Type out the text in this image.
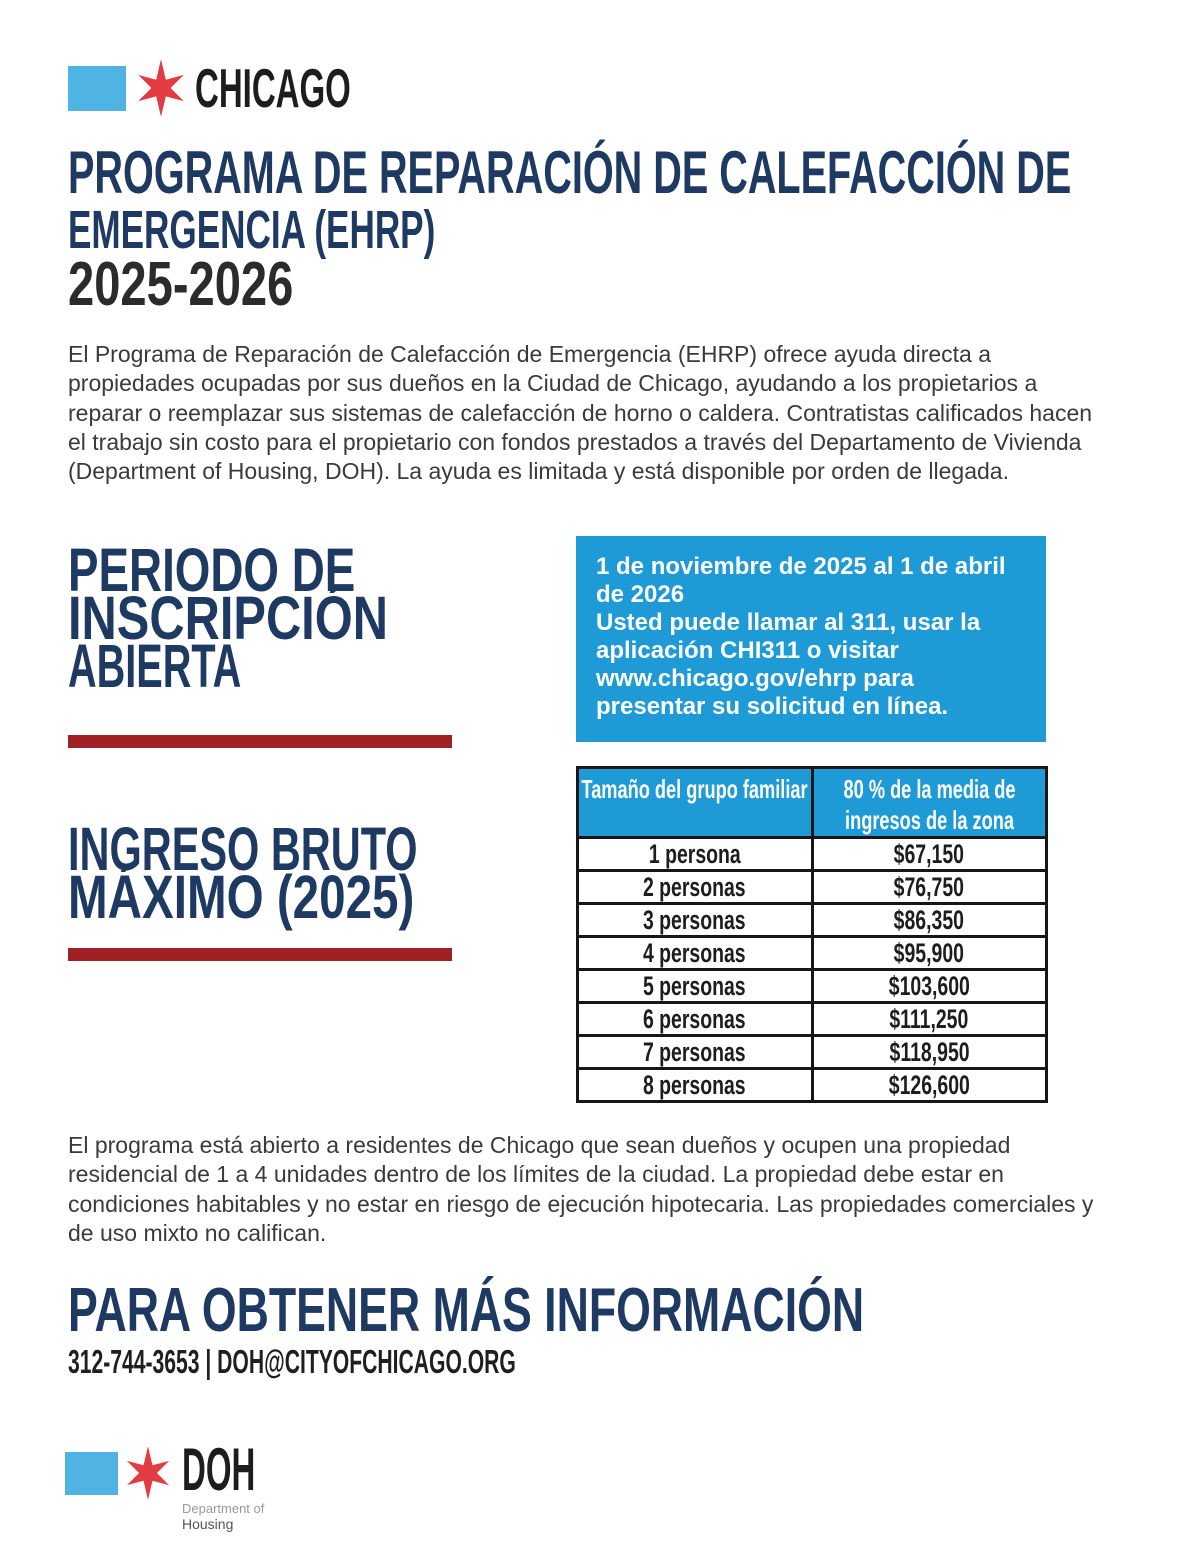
CHICAGO
PROGRAMA DE REPARACIÓN DE CALEFACCIÓN DE
EMERGENCIA (EHRP)
2025-2026

El Programa de Reparación de Calefacción de Emergencia (EHRP) ofrece ayuda directa a propiedades ocupadas por sus dueños en la Ciudad de Chicago, ayudando a los propietarios a reparar o reemplazar sus sistemas de calefacción de horno o caldera. Contratistas calificados hacen el trabajo sin costo para el propietario con fondos prestados a través del Departamento de Vivienda (Department of Housing, DOH). La ayuda es limitada y está disponible por orden de llegada.

PERIODO DE
INSCRIPCIÓN
ABIERTA
1 de noviembre de 2025 al 1 de abril de 2026
Usted puede llamar al 311, usar la aplicación CHI311 o visitar www.chicago.gov/ehrp para presentar su solicitud en línea.
INGRESO BRUTO
MÁXIMO (2025)
Tamaño del grupo familiar	80 % de la media de ingresos de la zona

1 persona	$67,150
2 personas	$76,750
3 personas	$86,350
4 personas	$95,900
5 personas	$103,600
6 personas	$111,250
7 personas	$118,950
8 personas	$126,600

El programa está abierto a residentes de Chicago que sean dueños y ocupen una propiedad residencial de 1 a 4 unidades dentro de los límites de la ciudad. La propiedad debe estar en condiciones habitables y no estar en riesgo de ejecución hipotecaria. Las propiedades comerciales y de uso mixto no califican.

PARA OBTENER MÁS INFORMACIÓN
312-744-3653 | DOH@CITYOFCHICAGO.ORG
DOH
Department of
Housing
